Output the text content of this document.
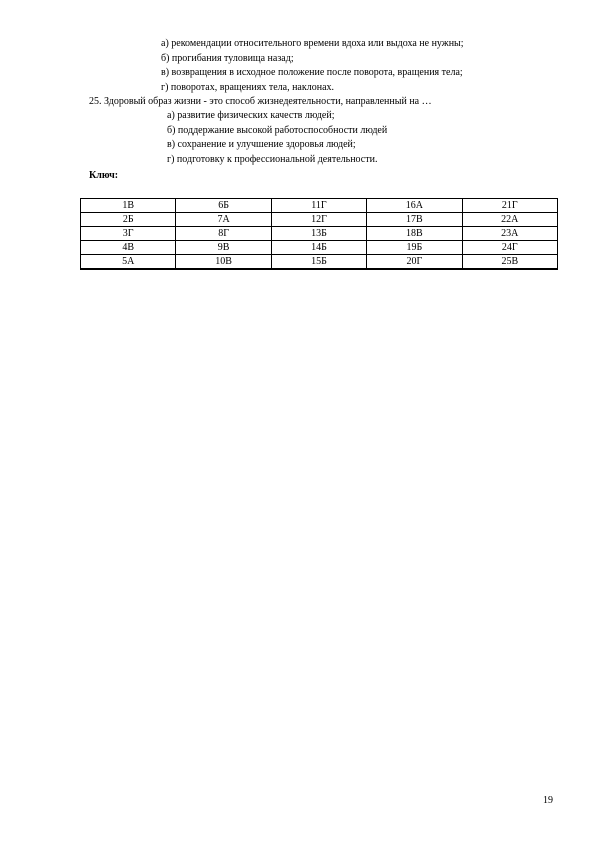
а) рекомендации относительного времени вдоха или выдоха не нужны;
б) прогибания туловища назад;
в) возвращения в исходное положение после поворота, вращения тела;
г) поворотах, вращениях тела, наклонах.
25. Здоровый образ жизни - это способ жизнедеятельности, направленный на …
а) развитие физических качеств людей;
б) поддержание высокой работоспособности людей
в) сохранение и улучшение здоровья людей;
г) подготовку к профессиональной деятельности.
Ключ:
1В	6Б	11Г	16А	21Г
2Б	7А	12Г	17В	22А
3Г	8Г	13Б	18В	23А
4В	9В	14Б	19Б	24Г
5А	10В	15Б	20Г	25В
19
